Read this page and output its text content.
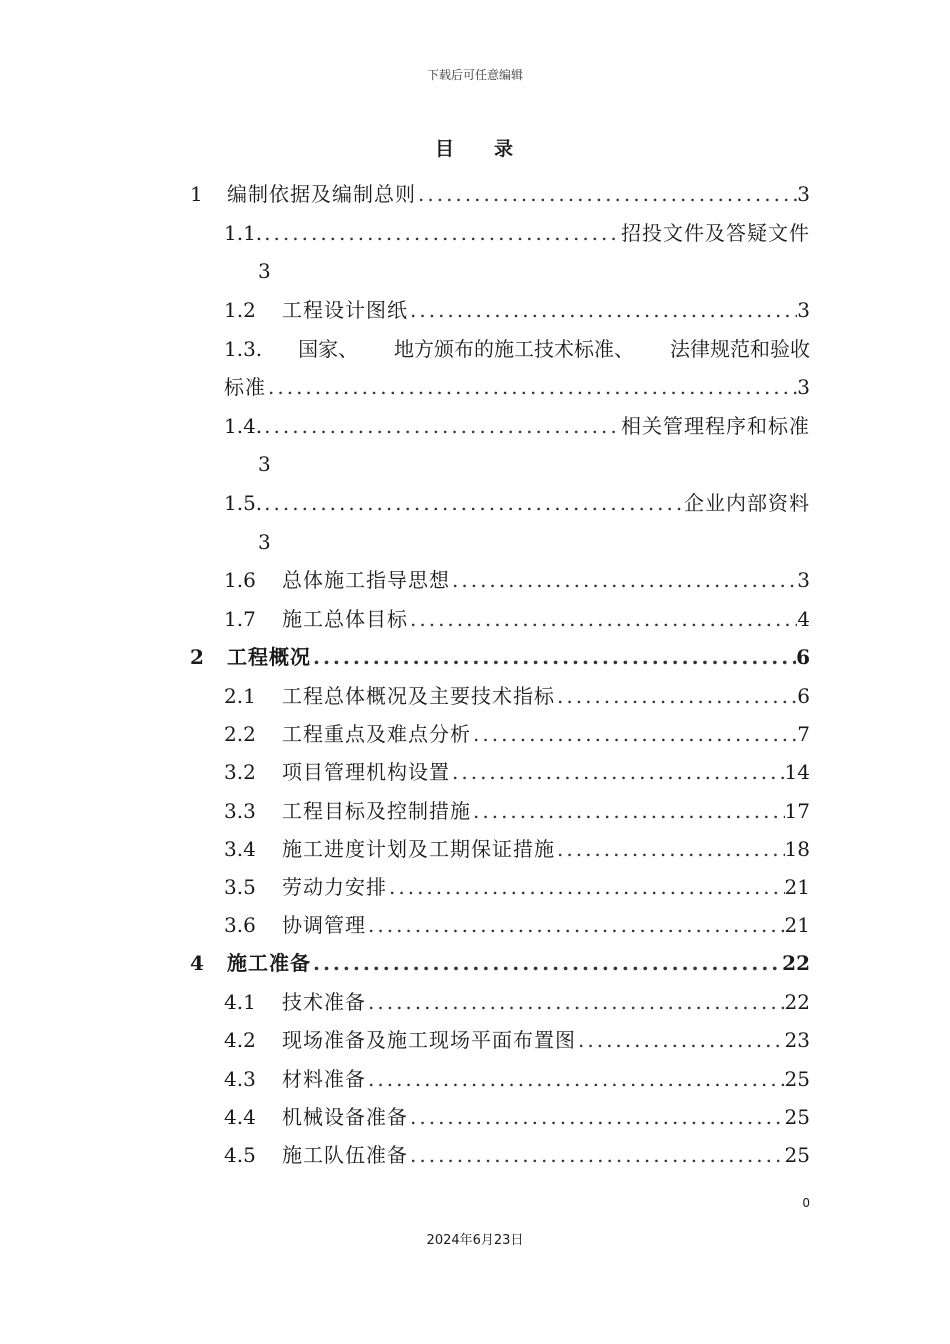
下载后可任意编辑
目 录
1	编制依据及编制总则 .....	3
1.1. .....	招投文件及答疑文件
3
1.2	工程设计图纸 .....	3
1.3. 国家、 地方颁布的施工技术标准、 法律规范和验收
标准 .....	3
1.4. .....	相关管理程序和标准
3
1.5. .....	企业内部资料
3
1.6	总体施工指导思想 .....	3
1.7	施工总体目标 .....	4
2	工程概况 .....	6
2.1	工程总体概况及主要技术指标 .....	6
2.2	工程重点及难点分析 .....	7
3.2	项目管理机构设置 .....	14
3.3	工程目标及控制措施 .....	17
3.4	施工进度计划及工期保证措施 .....	18
3.5	劳动力安排 .....	21
3.6	协调管理 .....	21
4	施工准备 .....	22
4.1	技术准备 .....	22
4.2	现场准备及施工现场平面布置图 .....	23
4.3	材料准备 .....	25
4.4	机械设备准备 .....	25
4.5	施工队伍准备 .....	25
0
2024年6月23日
